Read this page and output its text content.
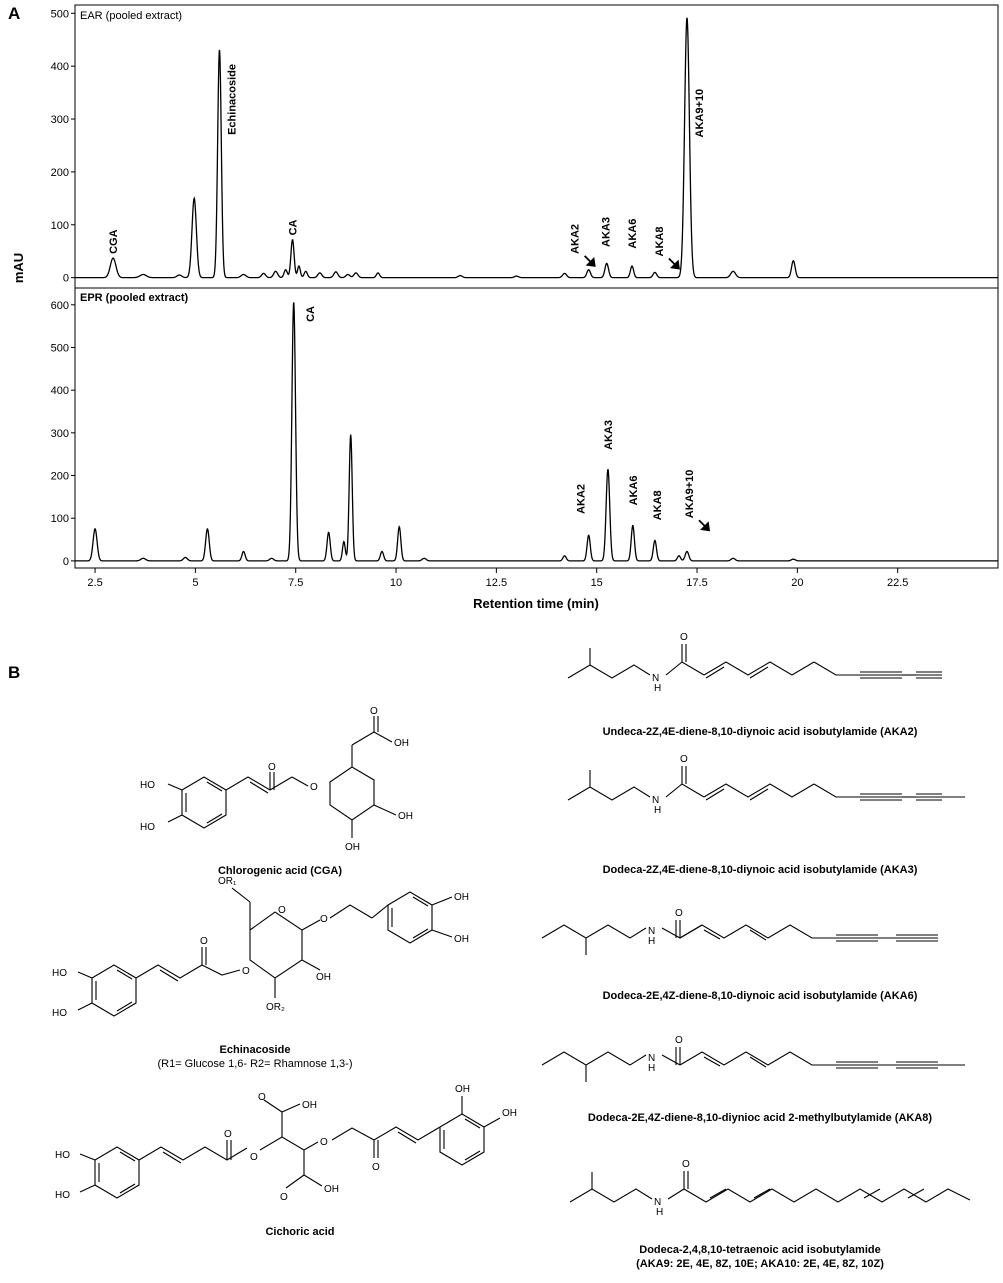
A
B
mAU
Retention time (min)
EAR (pooled extract)
EPR (pooled extract)
0
100
200
300
400
500
CGA
Echinacoside
CA	AKA2 AKA3 AKA6 AKA8
AKA9+10
0
100
200
300
400
500
600
CA
AKA2
AKA3
AKA6 AKA8 AKA9+10
2.5	5	7.5	10	12.5	15	17.5	20	22.5
O
N
H
O
N
H
O
N
H
O
N
H
O
N
H
HO
HO
O
O
O
OH
OH
OH
HO
HO
O
O
OR₁
O
OR₂
OH
O
OH
OH
HO
HO
O
O
O
OH
O
OH
O
O
OH
OH
Chlorogenic acid (CGA)
Echinacoside
(R1= Glucose 1,6- R2= Rhamnose 1,3-)
Cichoric acid
Undeca-2Z,4E-diene-8,10-diynoic acid isobutylamide (AKA2)
Dodeca-2Z,4E-diene-8,10-diynoic acid isobutylamide (AKA3)
Dodeca-2E,4Z-diene-8,10-diynoic acid isobutylamide (AKA6)
Dodeca-2E,4Z-diene-8,10-diynioc acid 2-methylbutylamide (AKA8)
Dodeca-2,4,8,10-tetraenoic acid isobutylamide
(AKA9: 2E, 4E, 8Z, 10E; AKA10: 2E, 4E, 8Z, 10Z)
